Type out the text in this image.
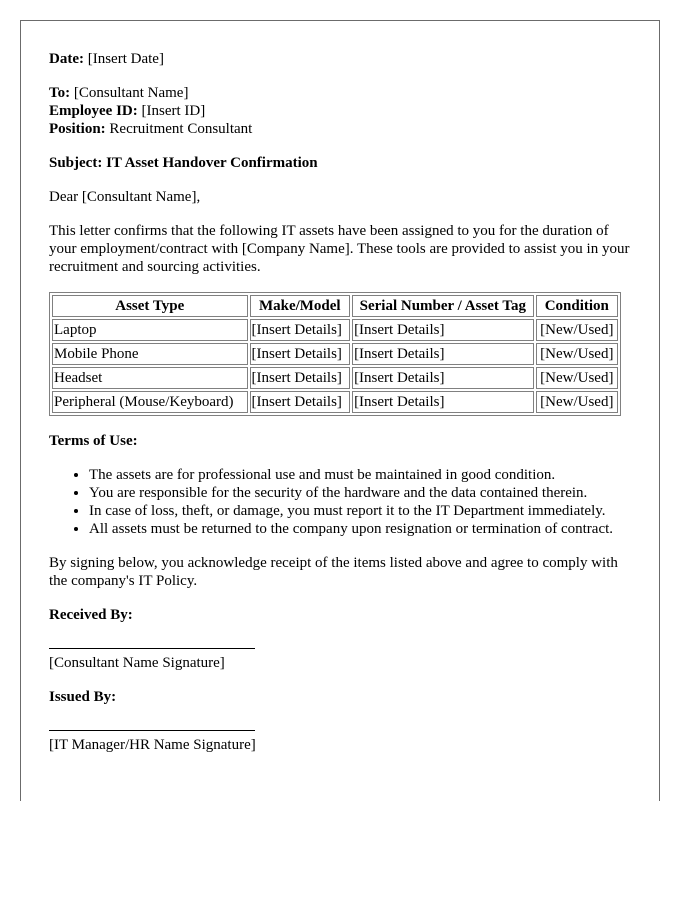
Date: [Insert Date]

To: [Consultant Name]

Employee ID: [Insert ID]

Position: Recruitment Consultant

Subject: IT Asset Handover Confirmation

Dear [Consultant Name],

This letter confirms that the following IT assets have been assigned to you for the duration of your employment/contract with [Company Name]. These tools are provided to assist you in your recruitment and sourcing activities.

Asset Type	Make/Model	Serial Number / Asset Tag	Condition
Laptop	[Insert Details]	[Insert Details]	[New/Used]
Mobile Phone	[Insert Details]	[Insert Details]	[New/Used]
Headset	[Insert Details]	[Insert Details]	[New/Used]
Peripheral (Mouse/Keyboard)	[Insert Details]	[Insert Details]	[New/Used]
Terms of Use:
• The assets are for professional use and must be maintained in good condition.
• You are responsible for the security of the hardware and the data contained therein.
• In case of loss, theft, or damage, you must report it to the IT Department immediately.
• All assets must be returned to the company upon resignation or termination of contract.

By signing below, you acknowledge receipt of the items listed above and agree to comply with the company's IT Policy.

Received By:

[Consultant Name Signature]

Issued By:

[IT Manager/HR Name Signature]
